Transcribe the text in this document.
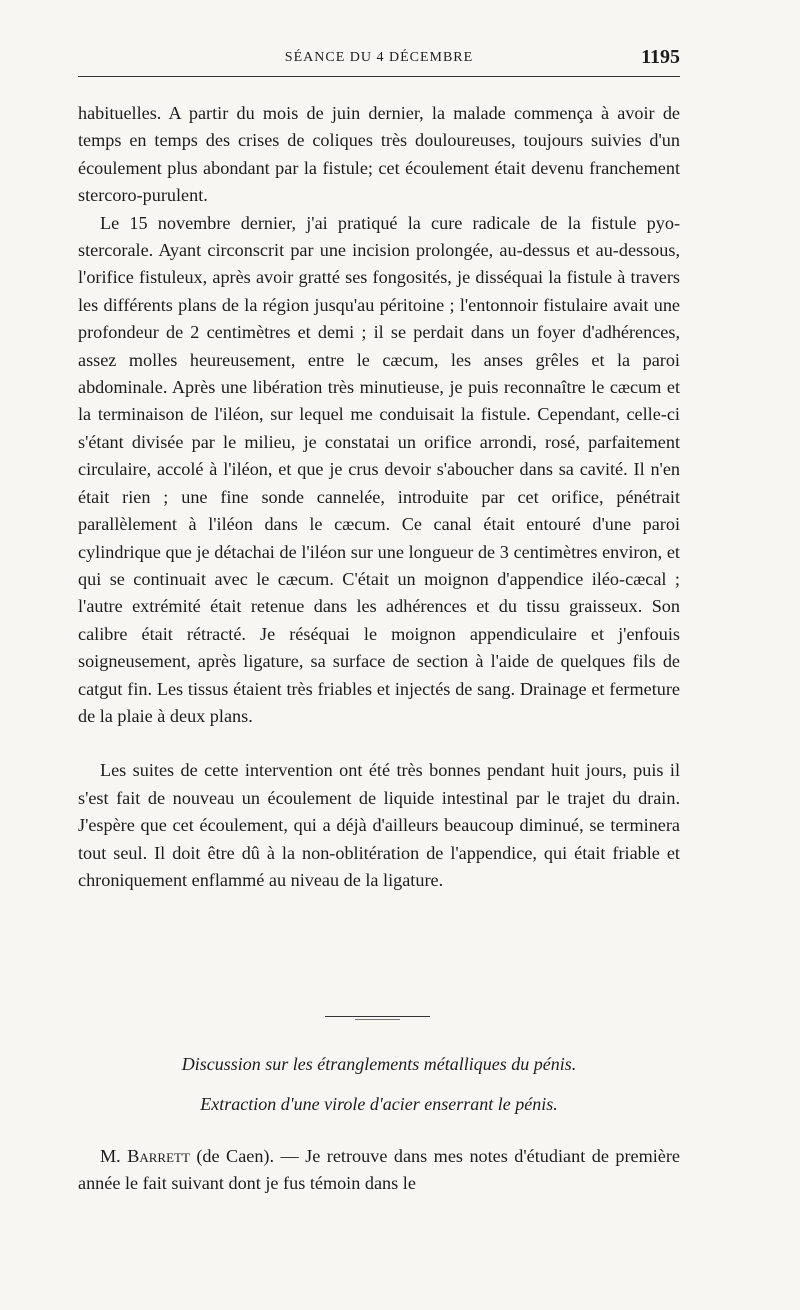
SÉANCE DU 4 DÉCEMBRE	1195

habituelles. A partir du mois de juin dernier, la malade commença à avoir de temps en temps des crises de coliques très douloureuses, toujours suivies d'un écoulement plus abondant par la fistule; cet écoulement était devenu franchement stercoro-purulent.

Le 15 novembre dernier, j'ai pratiqué la cure radicale de la fistule pyo-stercorale. Ayant circonscrit par une incision prolongée, au-dessus et au-dessous, l'orifice fistuleux, après avoir gratté ses fongosités, je disséquai la fistule à travers les différents plans de la région jusqu'au péritoine ; l'entonnoir fistulaire avait une profondeur de 2 centimètres et demi ; il se perdait dans un foyer d'adhérences, assez molles heureusement, entre le cæcum, les anses grêles et la paroi abdominale. Après une libération très minutieuse, je puis reconnaître le cæcum et la terminaison de l'iléon, sur lequel me conduisait la fistule. Cependant, celle-ci s'étant divisée par le milieu, je constatai un orifice arrondi, rosé, parfaitement circulaire, accolé à l'iléon, et que je crus devoir s'aboucher dans sa cavité. Il n'en était rien ; une fine sonde cannelée, introduite par cet orifice, pénétrait parallèlement à l'iléon dans le cæcum. Ce canal était entouré d'une paroi cylindrique que je détachai de l'iléon sur une longueur de 3 centimètres environ, et qui se continuait avec le cæcum. C'était un moignon d'appendice iléo-cæcal ; l'autre extrémité était retenue dans les adhérences et du tissu graisseux. Son calibre était rétracté. Je réséquai le moignon appendiculaire et j'enfouis soigneusement, après ligature, sa surface de section à l'aide de quelques fils de catgut fin. Les tissus étaient très friables et injectés de sang. Drainage et fermeture de la plaie à deux plans.

Les suites de cette intervention ont été très bonnes pendant huit jours, puis il s'est fait de nouveau un écoulement de liquide intestinal par le trajet du drain. J'espère que cet écoulement, qui a déjà d'ailleurs beaucoup diminué, se terminera tout seul. Il doit être dû à la non-oblitération de l'appendice, qui était friable et chroniquement enflammé au niveau de la ligature.

Discussion sur les étranglements métalliques du pénis.
Extraction d'une virole d'acier enserrant le pénis.

M. Barrett (de Caen). — Je retrouve dans mes notes d'étudiant de première année le fait suivant dont je fus témoin dans le
